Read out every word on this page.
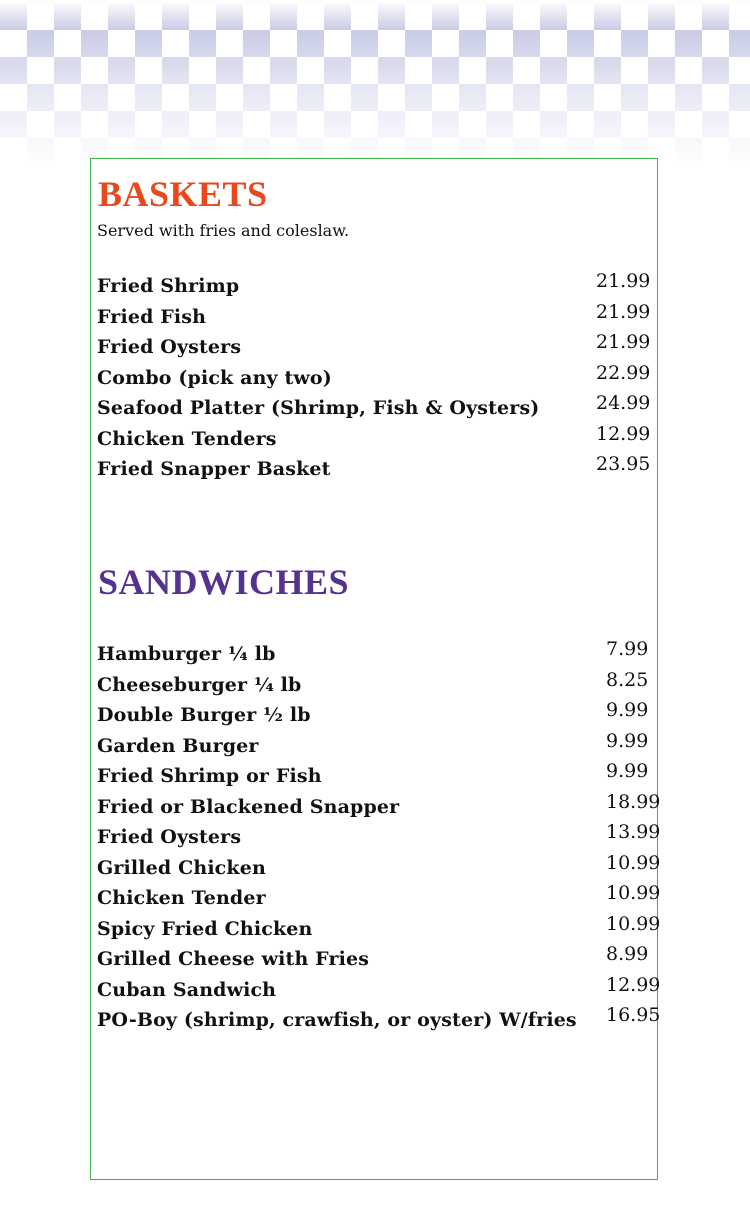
BASKETS

Served with fries and coleslaw.

Fried Shrimp	21.99
Fried Fish	21.99
Fried Oysters	21.99
Combo (pick any two)	22.99
Seafood Platter (Shrimp, Fish & Oysters)	24.99
Chicken Tenders	12.99
Fried Snapper Basket	23.95
SANDWICHES
Hamburger ¼ lb	7.99
Cheeseburger ¼ lb	8.25
Double Burger ½ lb	9.99
Garden Burger	9.99
Fried Shrimp or Fish	9.99
Fried or Blackened Snapper	18.99
Fried Oysters	13.99
Grilled Chicken	10.99
Chicken Tender	10.99
Spicy Fried Chicken	10.99
Grilled Cheese with Fries	8.99
Cuban Sandwich	12.99
PO-Boy (shrimp, crawfish, or oyster) W/fries 16.95
